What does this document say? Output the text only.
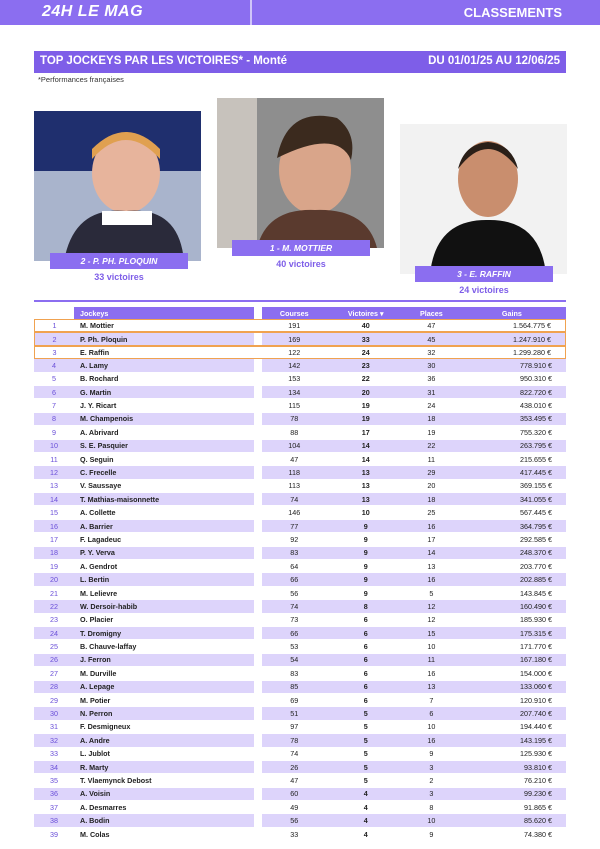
24H LE MAG	CLASSEMENTS
TOP JOCKEYS PAR LES VICTOIRES* - Monté	DU 01/01/25 AU 12/06/25
*Performances françaises
2 - P. PH. PLOQUIN
33 victoires
1 - M. MOTTIER
40 victoires
3 - E. RAFFIN
24 victoires
	Jockeys		Courses	Victoires ▾	Places	Gains
1	M. Mottier		191	40	47	1.564.775 €
2	P. Ph. Ploquin		169	33	45	1.247.910 €
3	E. Raffin		122	24	32	1.299.280 €
4	A. Lamy		142	23	30	778.910 €
5	B. Rochard		153	22	36	950.310 €
6	G. Martin		134	20	31	822.720 €
7	J. Y. Ricart		115	19	24	438.010 €
8	M. Champenois		78	19	18	353.495 €
9	A. Abrivard		88	17	19	755.320 €
10	S. E. Pasquier		104	14	22	263.795 €
11	Q. Seguin		47	14	11	215.655 €
12	C. Frecelle		118	13	29	417.445 €
13	V. Saussaye		113	13	20	369.155 €
14	T. Mathias-maisonnette		74	13	18	341.055 €
15	A. Collette		146	10	25	567.445 €
16	A. Barrier		77	9	16	364.795 €
17	F. Lagadeuc		92	9	17	292.585 €
18	P. Y. Verva		83	9	14	248.370 €
19	A. Gendrot		64	9	13	203.770 €
20	L. Bertin		66	9	16	202.885 €
21	M. Lelievre		56	9	5	143.845 €
22	W. Dersoir-habib		74	8	12	160.490 €
23	O. Placier		73	6	12	185.930 €
24	T. Dromigny		66	6	15	175.315 €
25	B. Chauve-laffay		53	6	10	171.770 €
26	J. Ferron		54	6	11	167.180 €
27	M. Durville		83	6	16	154.000 €
28	A. Lepage		85	6	13	133.060 €
29	M. Potier		69	6	7	120.910 €
30	N. Perron		51	5	6	207.740 €
31	F. Desmigneux		97	5	10	194.440 €
32	A. Andre		78	5	16	143.195 €
33	L. Jublot		74	5	9	125.930 €
34	R. Marty		26	5	3	93.810 €
35	T. Vlaemynck Debost		47	5	2	76.210 €
36	A. Voisin		60	4	3	99.230 €
37	A. Desmarres		49	4	8	91.865 €
38	A. Bodin		56	4	10	85.620 €
39	M. Colas		33	4	9	74.380 €
